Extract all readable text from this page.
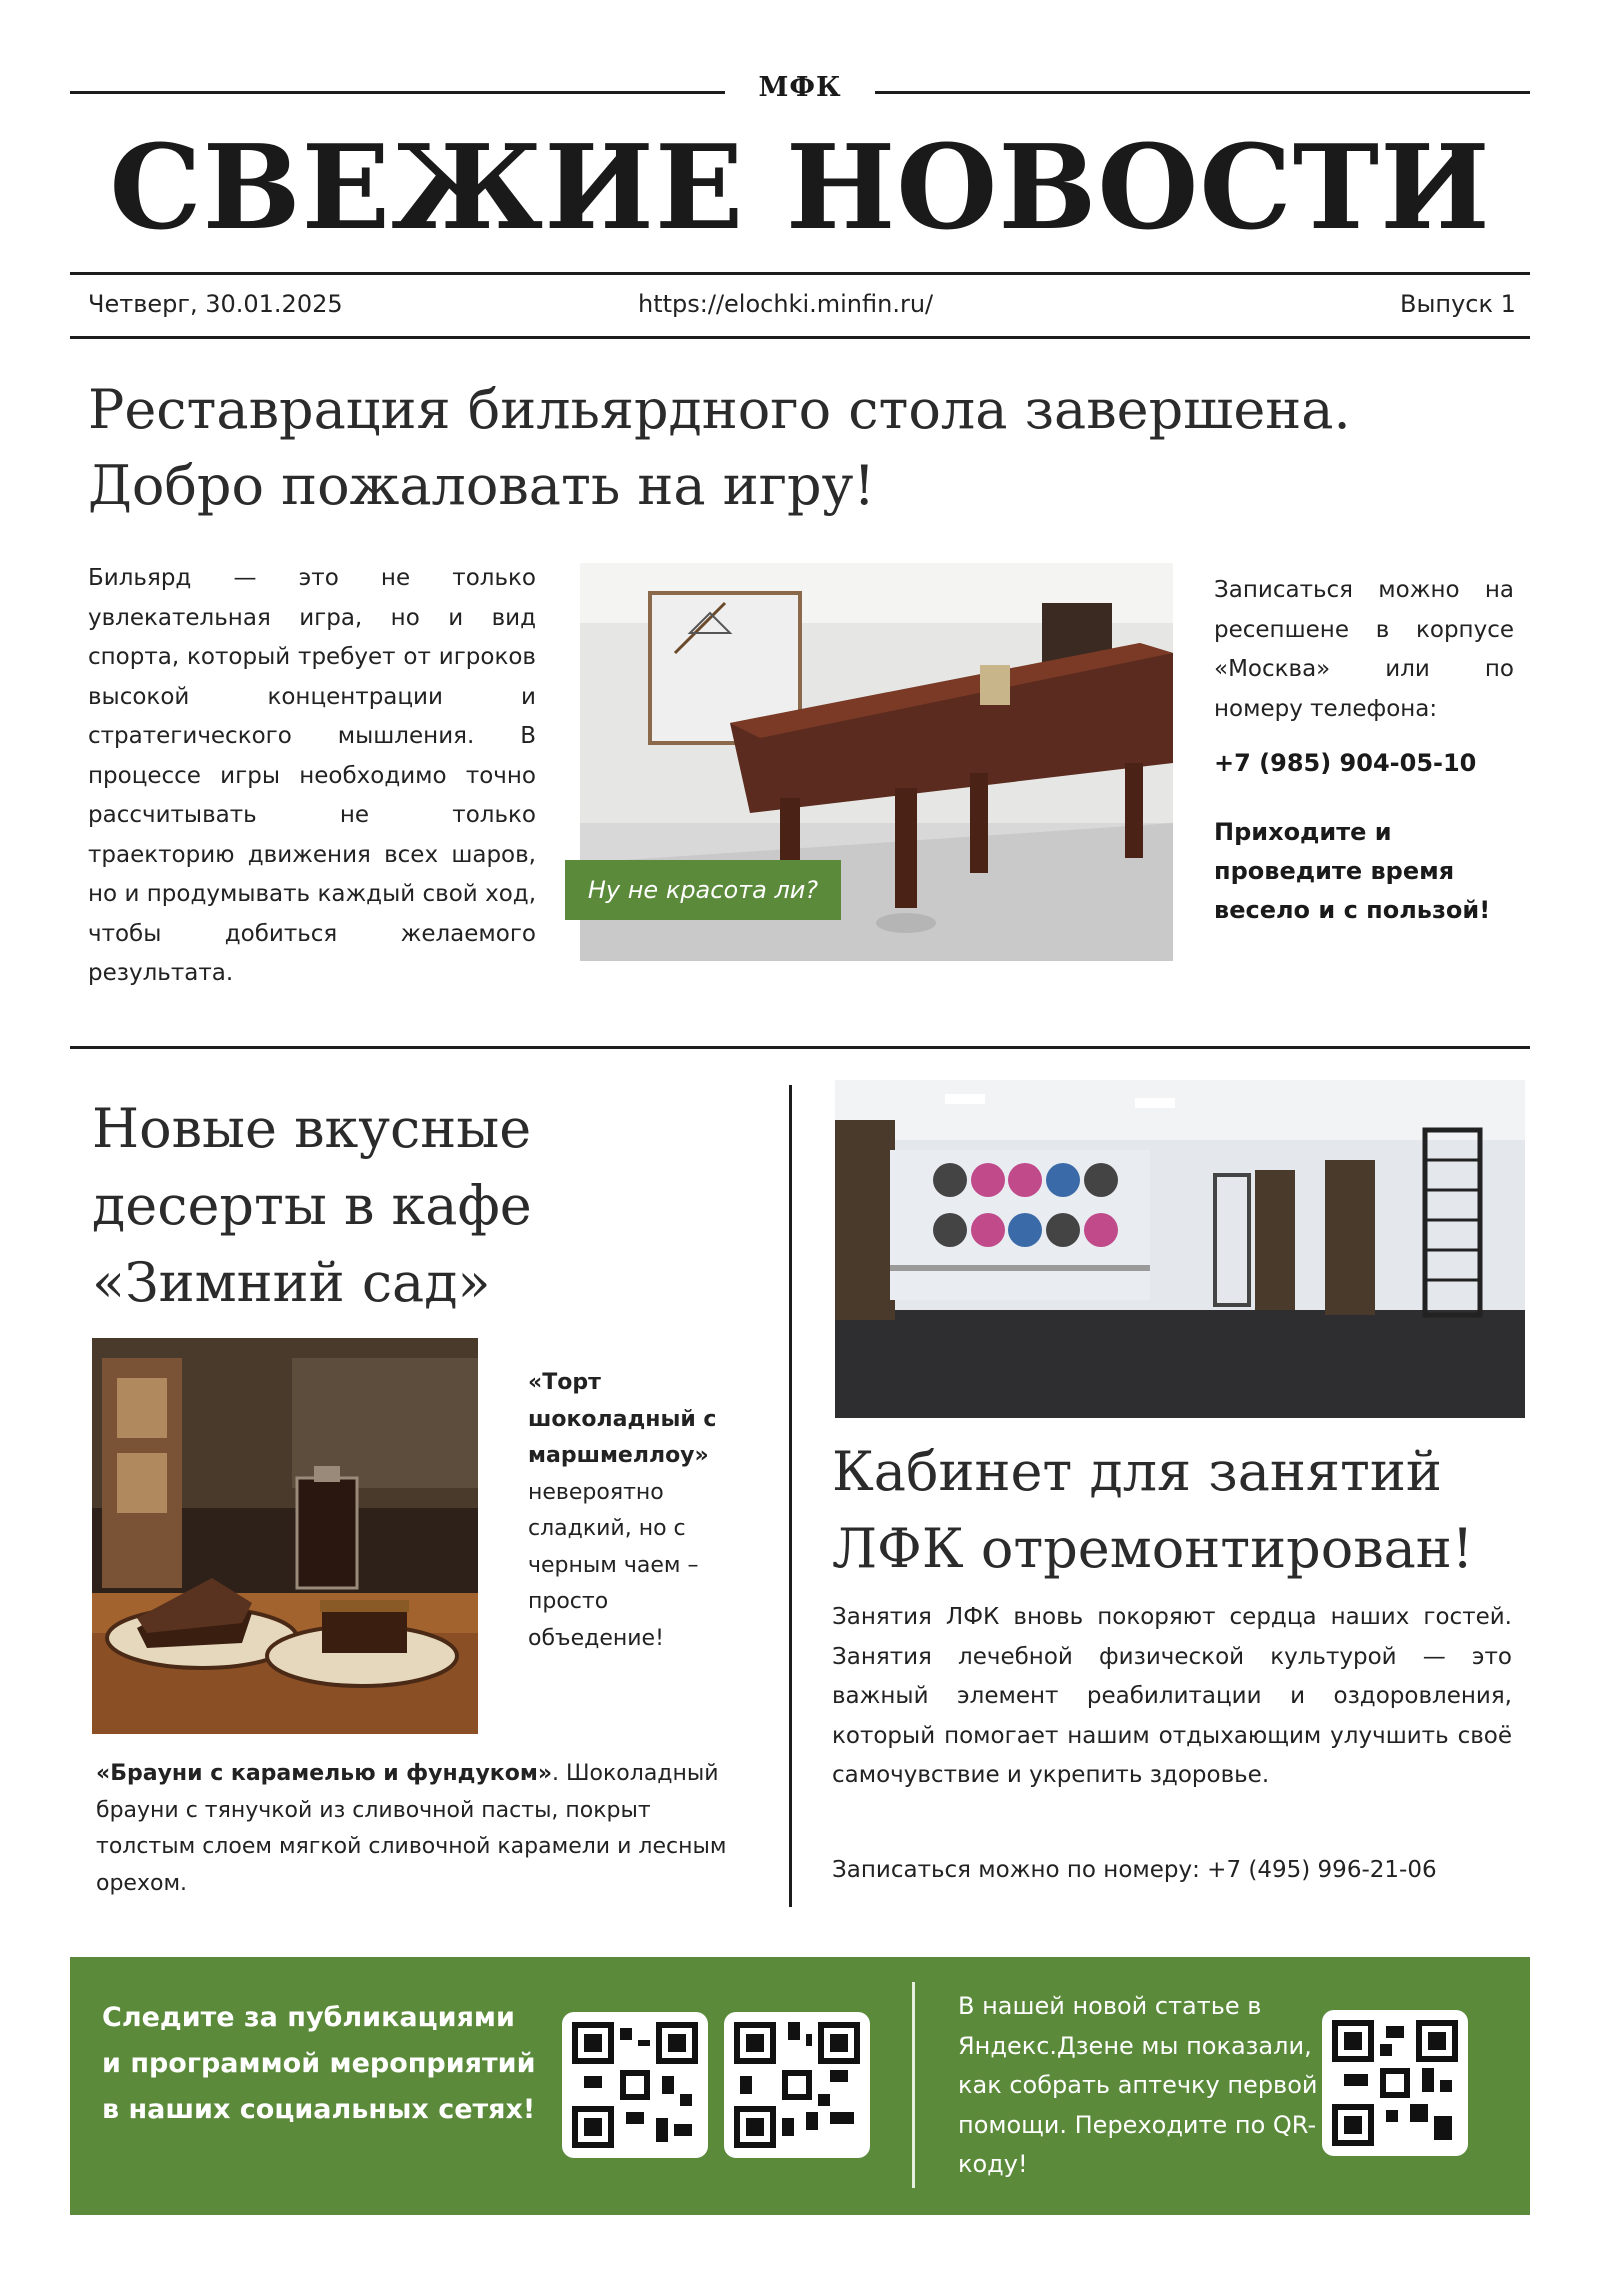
МФК
СВЕЖИЕ НОВОСТИ
Четверг, 30.01.2025	https://elochki.minfin.ru/	Выпуск 1
Реставрация бильярдного стола завершена.
Добро пожаловать на игру!
Бильярд — это не только увлекательная игра, но и вид спорта, который требует от игроков высокой концентрации и стратегического мышления. В процессе игры необходимо точно рассчитывать не только траекторию движения всех шаров, но и продумывать каждый свой ход, чтобы добиться желаемого результата.
Ну не красота ли?
Записаться можно на ресепшене в корпусе «Москва» или по номеру телефона:
+7 (985) 904-05-10
Приходите и проведите время весело и с пользой!
Новые вкусные
десерты в кафе
«Зимний сад»
«Торт шоколадный с маршмеллоу» невероятно сладкий, но с черным чаем – просто объедение!
«Брауни с карамелью и фундуком». Шоколадный брауни с тянучкой из сливочной пасты, покрыт толстым слоем мягкой сливочной карамели и лесным орехом.
Кабинет для занятий
ЛФК отремонтирован!
Занятия ЛФК вновь покоряют сердца наших гостей. Занятия лечебной физической культурой — это важный элемент реабилитации и оздоровления, который помогает нашим отдыхающим улучшить своё самочувствие и укрепить здоровье.
Записаться можно по номеру: +7 (495) 996-21-06
Следите за публикациями и программой мероприятий в наших социальных сетях!
В нашей новой статье в Яндекс.Дзене мы показали, как собрать аптечку первой помощи. Переходите по QR-коду!
